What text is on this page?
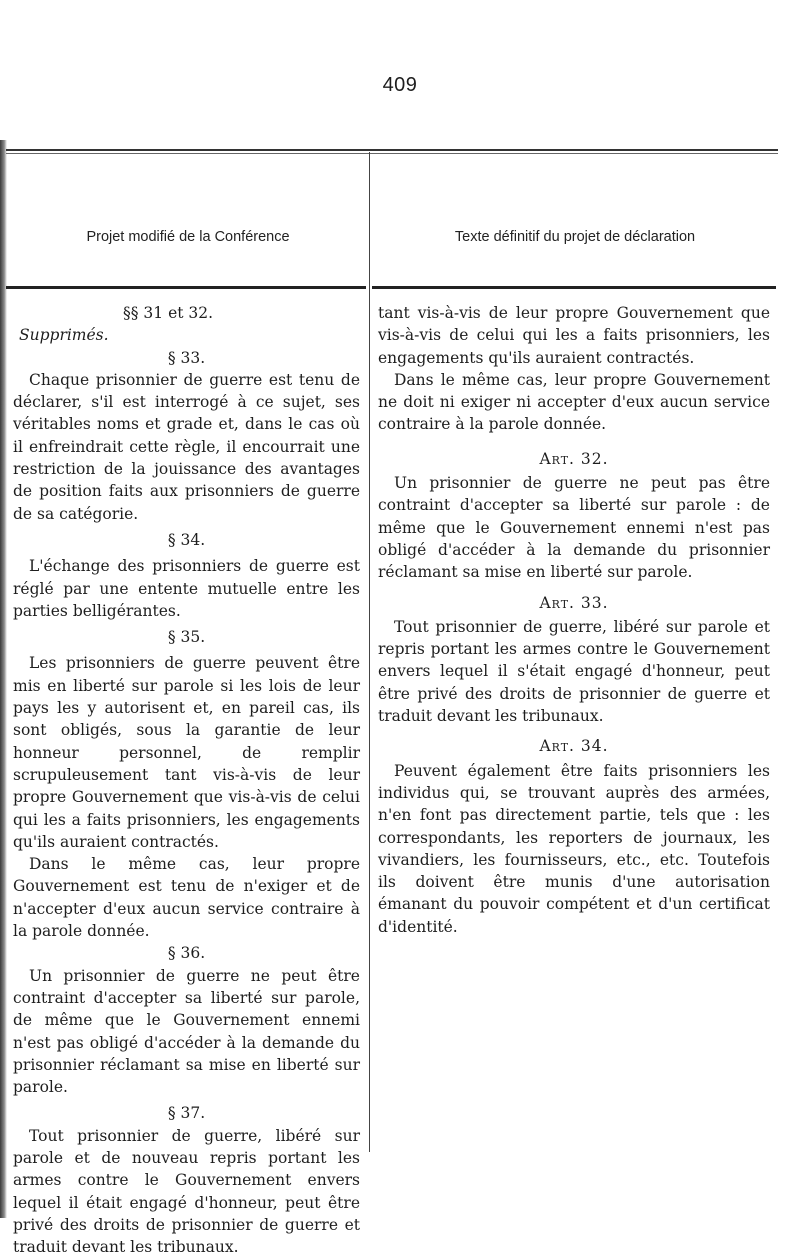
409
Projet modifié de la Conférence	Texte définitif du projet de déclaration
§§ 31 et 32.

Supprimés.

§ 33.

Chaque prisonnier de guerre est tenu de déclarer, s'il est interrogé à ce sujet, ses véritables noms et grade et, dans le cas où il enfreindrait cette règle, il encourrait une restriction de la jouissance des avantages de position faits aux prisonniers de guerre de sa catégorie.

§ 34.

L'échange des prisonniers de guerre est réglé par une entente mutuelle entre les parties belligérantes.

§ 35.

Les prisonniers de guerre peuvent être mis en liberté sur parole si les lois de leur pays les y autorisent et, en pareil cas, ils sont obligés, sous la garantie de leur honneur personnel, de remplir scrupuleusement tant vis-à-vis de leur propre Gouvernement que vis-à-vis de celui qui les a faits prisonniers, les engagements qu'ils auraient contractés.

Dans le même cas, leur propre Gouvernement est tenu de n'exiger et de n'accepter d'eux aucun service contraire à la parole donnée.

§ 36.

Un prisonnier de guerre ne peut être contraint d'accepter sa liberté sur parole, de même que le Gouvernement ennemi n'est pas obligé d'accéder à la demande du prisonnier réclamant sa mise en liberté sur parole.

§ 37.

Tout prisonnier de guerre, libéré sur parole et de nouveau repris portant les armes contre le Gouvernement envers lequel il était engagé d'honneur, peut être privé des droits de prisonnier de guerre et traduit devant les tribunaux.

tant vis-à-vis de leur propre Gouvernement que vis-à-vis de celui qui les a faits prisonniers, les engagements qu'ils auraient contractés.

Dans le même cas, leur propre Gouvernement ne doit ni exiger ni accepter d'eux aucun service contraire à la parole donnée.

Art. 32.

Un prisonnier de guerre ne peut pas être contraint d'accepter sa liberté sur parole : de même que le Gouvernement ennemi n'est pas obligé d'accéder à la demande du prisonnier réclamant sa mise en liberté sur parole.

Art. 33.

Tout prisonnier de guerre, libéré sur parole et repris portant les armes contre le Gouvernement envers lequel il s'était engagé d'honneur, peut être privé des droits de prisonnier de guerre et traduit devant les tribunaux.

Art. 34.

Peuvent également être faits prisonniers les individus qui, se trouvant auprès des armées, n'en font pas directement partie, tels que : les correspondants, les reporters de journaux, les vivandiers, les fournisseurs, etc., etc. Toutefois ils doivent être munis d'une autorisation émanant du pouvoir compétent et d'un certificat d'identité.
